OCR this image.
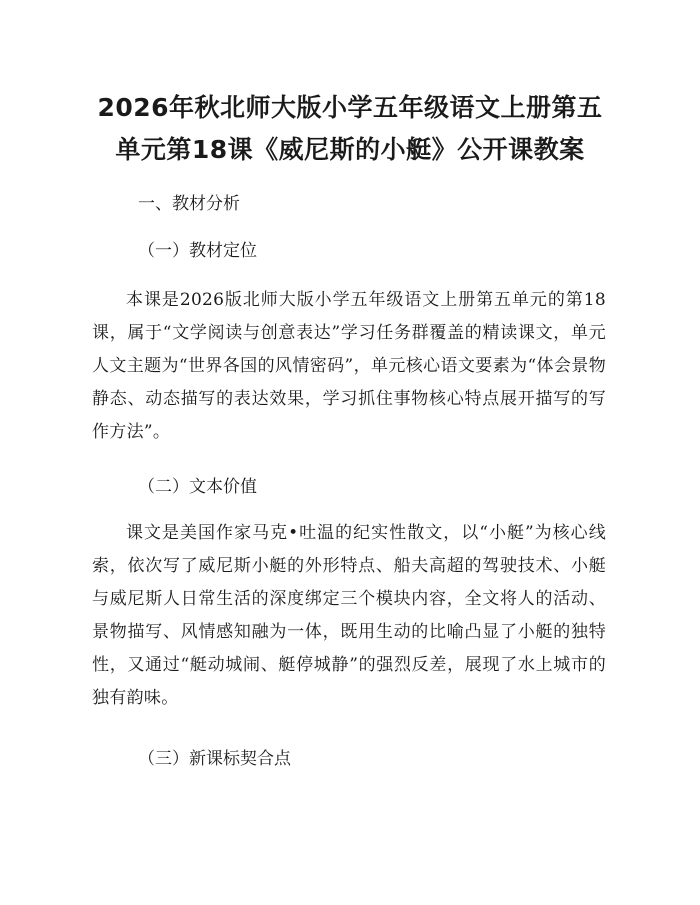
2026年秋北师大版小学五年级语文上册第五
单元第18课《威尼斯的小艇》公开课教案
一、教材分析
（一）教材定位
本课是2026版北师大版小学五年级语文上册第五单元的第18课，属于“文学阅读与创意表达”学习任务群覆盖的精读课文，单元人文主题为“世界各国的风情密码”，单元核心语文要素为“体会景物静态、动态描写的表达效果，学习抓住事物核心特点展开描写的写作方法”。
（二）文本价值
课文是美国作家马克•吐温的纪实性散文，以“小艇”为核心线索，依次写了威尼斯小艇的外形特点、船夫高超的驾驶技术、小艇与威尼斯人日常生活的深度绑定三个模块内容，全文将人的活动、景物描写、风情感知融为一体，既用生动的比喻凸显了小艇的独特性，又通过“艇动城闹、艇停城静”的强烈反差，展现了水上城市的独有韵味。
（三）新课标契合点
